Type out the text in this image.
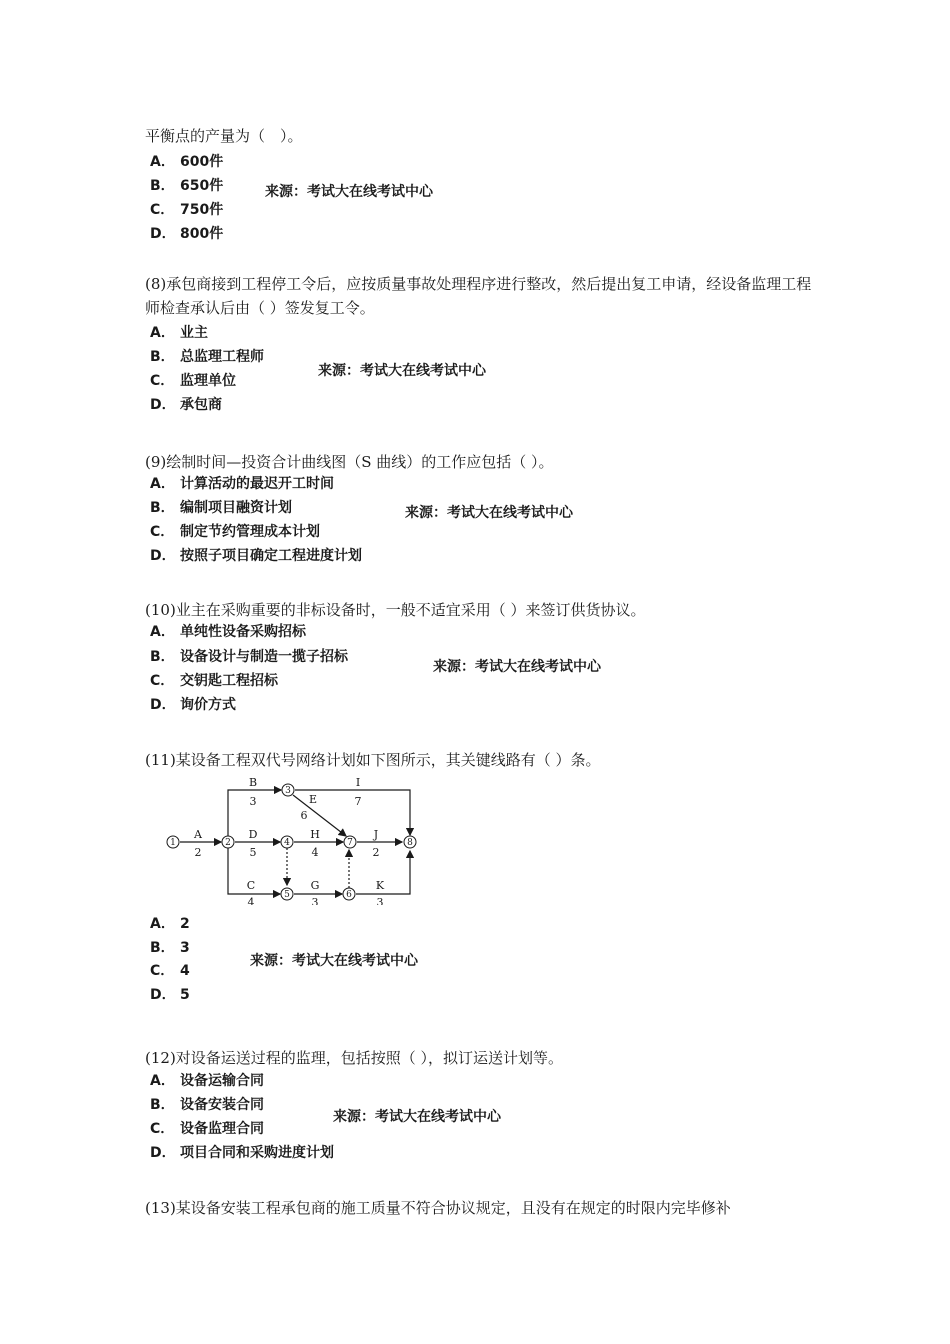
平衡点的产量为（　）。

A． 600件
B． 650件
C． 750件
D． 800件
来源：考试大在线考试中心

(8)承包商接到工程停工令后，应按质量事故处理程序进行整改，然后提出复工申请，经设备监理工程师检查承认后由（ ）签发复工令。

A． 业主
B． 总监理工程师
C． 监理单位
D． 承包商
来源：考试大在线考试中心

(9)绘制时间—投资合计曲线图（S 曲线）的工作应包括（ ）。

A． 计算活动的最迟开工时间
B． 编制项目融资计划
C． 制定节约管理成本计划
D． 按照子项目确定工程进度计划
来源：考试大在线考试中心

(10)业主在采购重要的非标设备时，一般不适宜采用（ ）来签订供货协议。

A． 单纯性设备采购招标
B． 设备设计与制造一揽子招标
C． 交钥匙工程招标
D． 询价方式
来源：考试大在线考试中心

(11)某设备工程双代号网络计划如下图所示，其关键线路有（ ）条。

1	2
3
4
5	6
7	8
A
2
B
3
I
7
E
6
D
5
H
4
J
2
C
4
G
3
K
3
A． 2
B． 3
C． 4
D． 5
来源：考试大在线考试中心

(12)对设备运送过程的监理，包括按照（ ），拟订运送计划等。

A． 设备运输合同
B． 设备安装合同
C． 设备监理合同
D． 项目合同和采购进度计划
来源：考试大在线考试中心

(13)某设备安装工程承包商的施工质量不符合协议规定，且没有在规定的时限内完毕修补
